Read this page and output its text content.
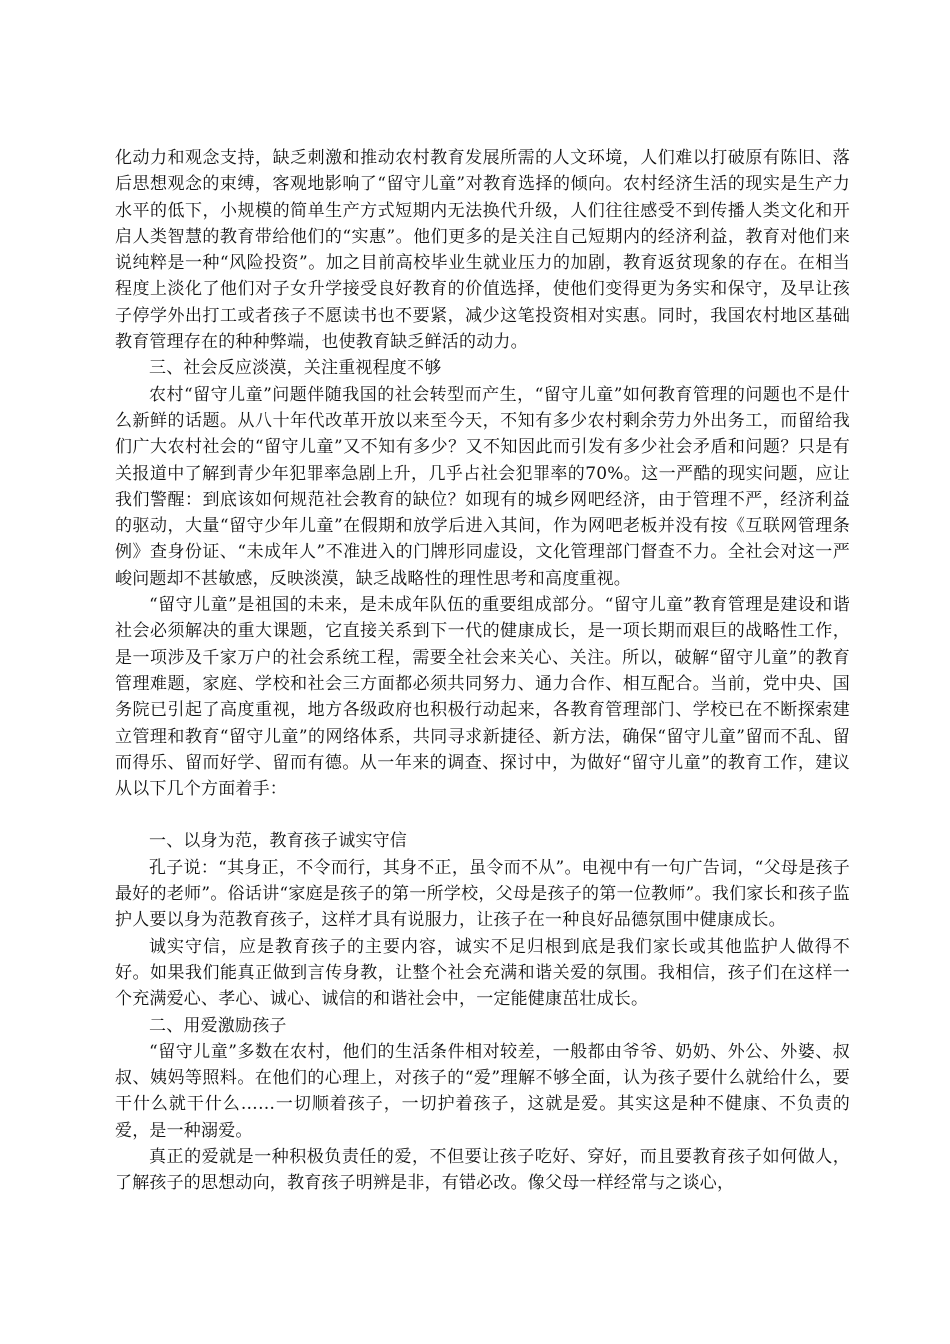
化动力和观念支持，缺乏刺激和推动农村教育发展所需的人文环境，人们难以打破原有陈旧、落后思想观念的束缚，客观地影响了“留守儿童”对教育选择的倾向。农村经济生活的现实是生产力水平的低下，小规模的简单生产方式短期内无法换代升级，人们往往感受不到传播人类文化和开启人类智慧的教育带给他们的“实惠”。他们更多的是关注自己短期内的经济利益，教育对他们来说纯粹是一种“风险投资”。加之目前高校毕业生就业压力的加剧，教育返贫现象的存在。在相当程度上淡化了他们对子女升学接受良好教育的价值选择，使他们变得更为务实和保守，及早让孩子停学外出打工或者孩子不愿读书也不要紧，减少这笔投资相对实惠。同时，我国农村地区基础教育管理存在的种种弊端，也使教育缺乏鲜活的动力。

三、社会反应淡漠，关注重视程度不够

农村“留守儿童”问题伴随我国的社会转型而产生，“留守儿童”如何教育管理的问题也不是什么新鲜的话题。从八十年代改革开放以来至今天，不知有多少农村剩余劳力外出务工，而留给我们广大农村社会的“留守儿童”又不知有多少？又不知因此而引发有多少社会矛盾和问题？只是有关报道中了解到青少年犯罪率急剧上升，几乎占社会犯罪率的70%。这一严酷的现实问题，应让我们警醒：到底该如何规范社会教育的缺位？如现有的城乡网吧经济，由于管理不严，经济利益的驱动，大量“留守少年儿童”在假期和放学后进入其间，作为网吧老板并没有按《互联网管理条例》查身份证、“未成年人”不准进入的门牌形同虚设，文化管理部门督查不力。全社会对这一严峻问题却不甚敏感，反映淡漠，缺乏战略性的理性思考和高度重视。

“留守儿童”是祖国的未来，是未成年队伍的重要组成部分。“留守儿童”教育管理是建设和谐社会必须解决的重大课题，它直接关系到下一代的健康成长，是一项长期而艰巨的战略性工作，是一项涉及千家万户的社会系统工程，需要全社会来关心、关注。所以，破解“留守儿童”的教育管理难题，家庭、学校和社会三方面都必须共同努力、通力合作、相互配合。当前，党中央、国务院已引起了高度重视，地方各级政府也积极行动起来，各教育管理部门、学校已在不断探索建立管理和教育“留守儿童”的网络体系，共同寻求新捷径、新方法，确保“留守儿童”留而不乱、留而得乐、留而好学、留而有德。从一年来的调查、探讨中，为做好“留守儿童”的教育工作，建议从以下几个方面着手：

一、以身为范，教育孩子诚实守信

孔子说：“其身正，不令而行，其身不正，虽令而不从”。电视中有一句广告词，“父母是孩子最好的老师”。俗话讲“家庭是孩子的第一所学校，父母是孩子的第一位教师”。我们家长和孩子监护人要以身为范教育孩子，这样才具有说服力，让孩子在一种良好品德氛围中健康成长。

诚实守信，应是教育孩子的主要内容，诚实不足归根到底是我们家长或其他监护人做得不好。如果我们能真正做到言传身教，让整个社会充满和谐关爱的氛围。我相信，孩子们在这样一个充满爱心、孝心、诚心、诚信的和谐社会中，一定能健康茁壮成长。

二、用爱激励孩子

“留守儿童”多数在农村，他们的生活条件相对较差，一般都由爷爷、奶奶、外公、外婆、叔叔、姨妈等照料。在他们的心理上，对孩子的“爱”理解不够全面，认为孩子要什么就给什么，要干什么就干什么……一切顺着孩子，一切护着孩子，这就是爱。其实这是种不健康、不负责的爱，是一种溺爱。

真正的爱就是一种积极负责任的爱，不但要让孩子吃好、穿好，而且要教育孩子如何做人，了解孩子的思想动向，教育孩子明辨是非，有错必改。像父母一样经常与之谈心，
